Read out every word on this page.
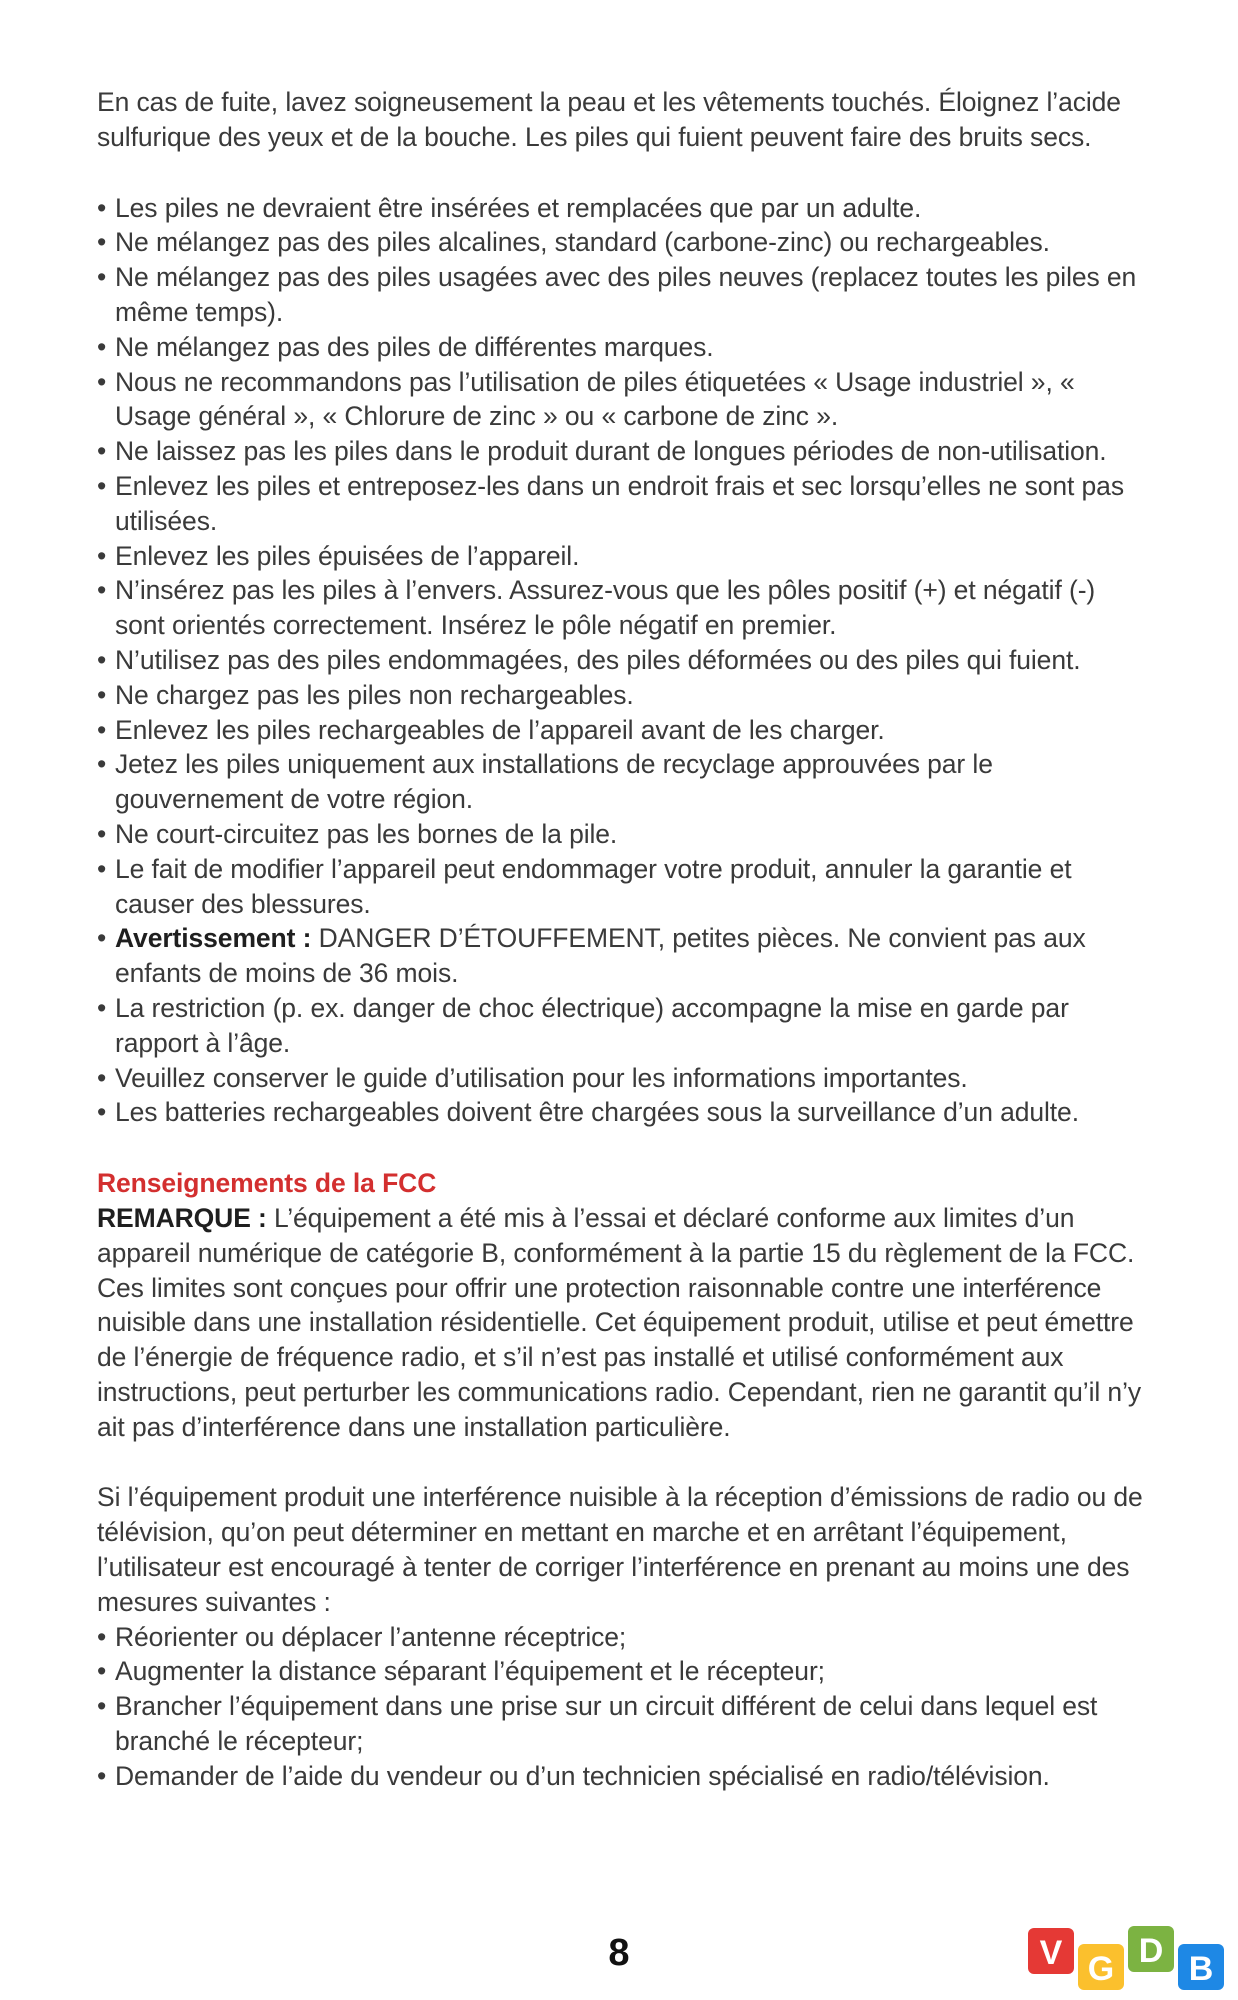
En cas de fuite, lavez soigneusement la peau et les vêtements touchés. Éloignez l’acide sulfurique des yeux et de la bouche. Les piles qui fuient peuvent faire des bruits secs.

• Les piles ne devraient être insérées et remplacées que par un adulte.
• Ne mélangez pas des piles alcalines, standard (carbone-zinc) ou rechargeables.
• Ne mélangez pas des piles usagées avec des piles neuves (replacez toutes les piles en même temps).
• Ne mélangez pas des piles de différentes marques.
• Nous ne recommandons pas l’utilisation de piles étiquetées « Usage industriel », « Usage général », « Chlorure de zinc » ou « carbone de zinc ».
• Ne laissez pas les piles dans le produit durant de longues périodes de non-utilisation.
• Enlevez les piles et entreposez-les dans un endroit frais et sec lorsqu’elles ne sont pas utilisées.
• Enlevez les piles épuisées de l’appareil.
• N’insérez pas les piles à l’envers. Assurez-vous que les pôles positif (+) et négatif (-) sont orientés correctement. Insérez le pôle négatif en premier.
• N’utilisez pas des piles endommagées, des piles déformées ou des piles qui fuient.
• Ne chargez pas les piles non rechargeables.
• Enlevez les piles rechargeables de l’appareil avant de les charger.
• Jetez les piles uniquement aux installations de recyclage approuvées par le gouvernement de votre région.
• Ne court-circuitez pas les bornes de la pile.
• Le fait de modifier l’appareil peut endommager votre produit, annuler la garantie et causer des blessures.
• Avertissement : DANGER D’ÉTOUFFEMENT, petites pièces. Ne convient pas aux enfants de moins de 36 mois.
• La restriction (p. ex. danger de choc électrique) accompagne la mise en garde par rapport à l’âge.
• Veuillez conserver le guide d’utilisation pour les informations importantes.
• Les batteries rechargeables doivent être chargées sous la surveillance d’un adulte.

Renseignements de la FCC

REMARQUE : L’équipement a été mis à l’essai et déclaré conforme aux limites d’un appareil numérique de catégorie B, conformément à la partie 15 du règlement de la FCC. Ces limites sont conçues pour offrir une protection raisonnable contre une interférence nuisible dans une installation résidentielle. Cet équipement produit, utilise et peut émettre de l’énergie de fréquence radio, et s’il n’est pas installé et utilisé conformément aux instructions, peut perturber les communications radio. Cependant, rien ne garantit qu’il n’y ait pas d’interférence dans une installation particulière.

Si l’équipement produit une interférence nuisible à la réception d’émissions de radio ou de télévision, qu’on peut déterminer en mettant en marche et en arrêtant l’équipement, l’utilisateur est encouragé à tenter de corriger l’interférence en prenant au moins une des mesures suivantes :

• Réorienter ou déplacer l’antenne réceptrice;
• Augmenter la distance séparant l’équipement et le récepteur;
• Brancher l’équipement dans une prise sur un circuit différent de celui dans lequel est branché le récepteur;
• Demander de l’aide du vendeur ou d’un technicien spécialisé en radio/télévision.
8	V G D B
